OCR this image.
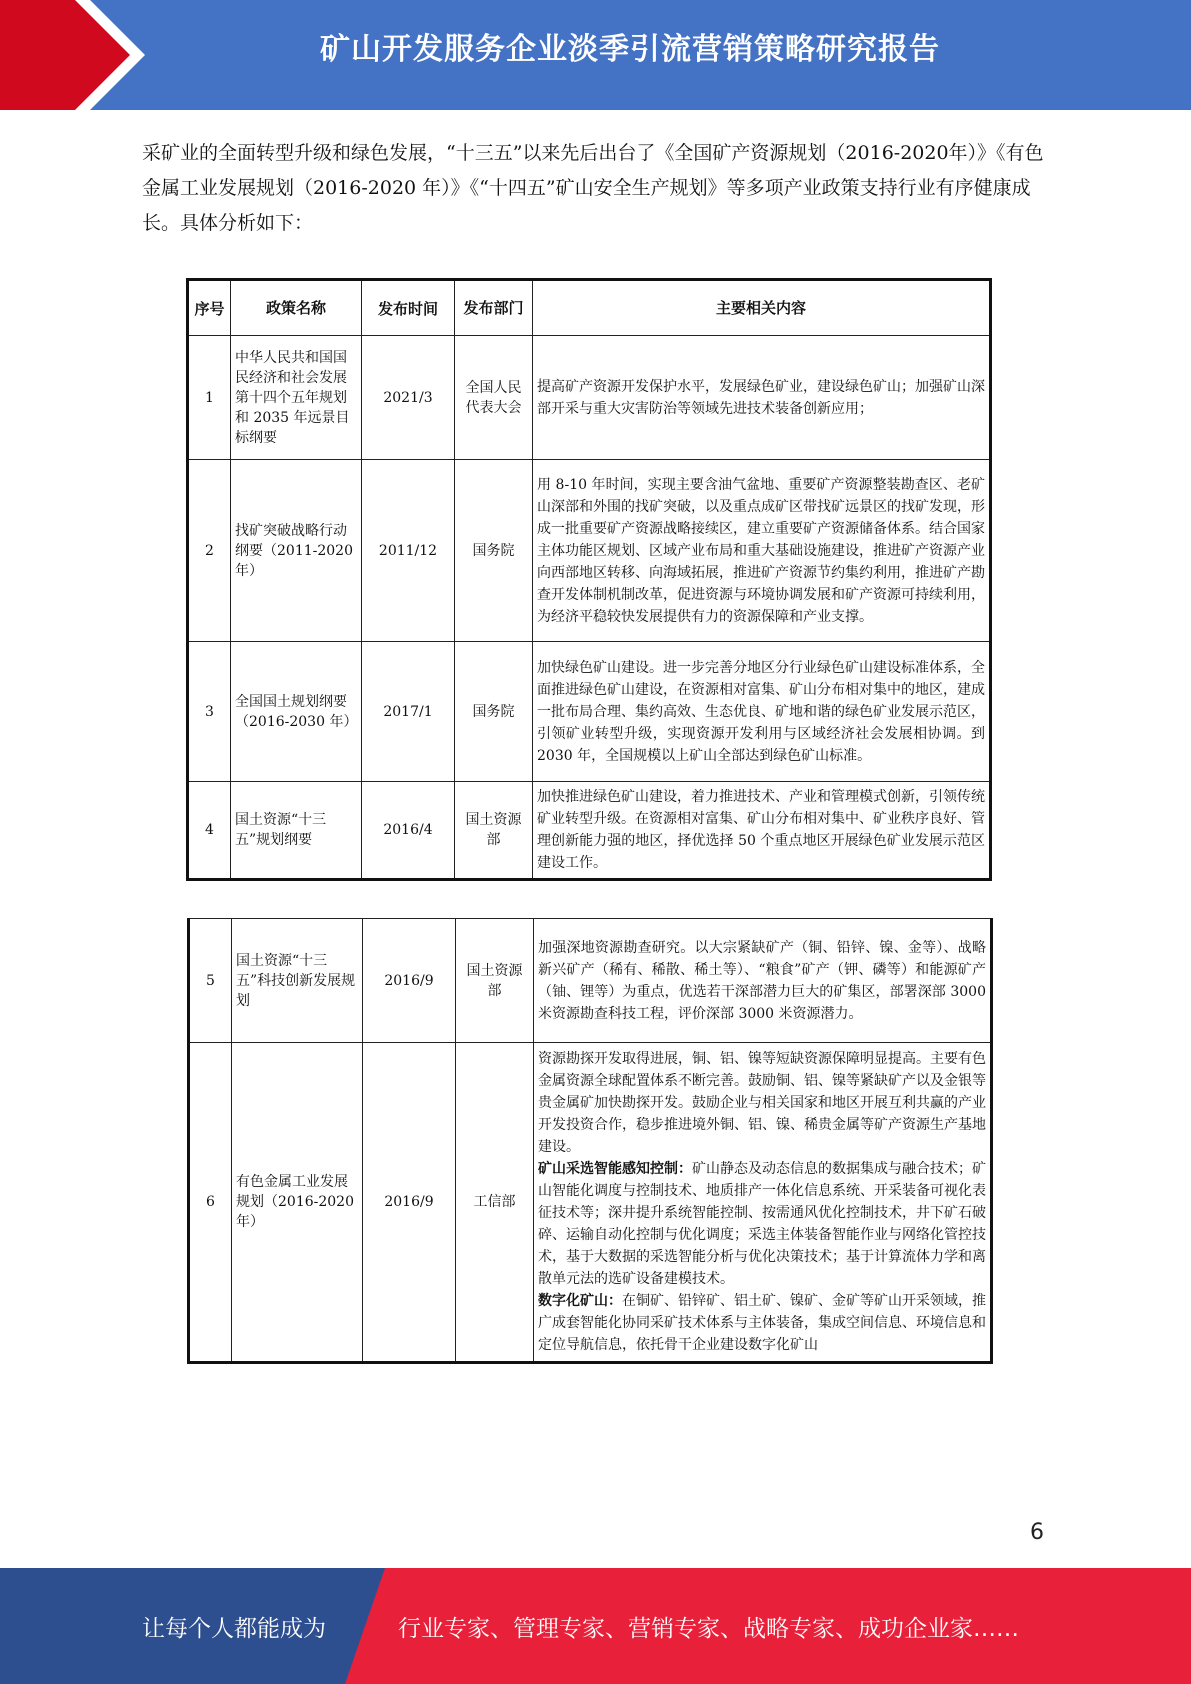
矿山开发服务企业淡季引流营销策略研究报告

采矿业的全面转型升级和绿色发展，“十三五”以来先后出台了《全国矿产资源规划（2016-2020年）》《有色金属工业发展规划（2016-2020 年）》《“十四五”矿山安全生产规划》等多项产业政策支持行业有序健康成长。具体分析如下：

序号	政策名称	发布时间	发布部门	主要相关内容
1	中华人民共和国国民经济和社会发展第十四个五年规划和 2035 年远景目标纲要	2021/3	全国人民代表大会	提高矿产资源开发保护水平，发展绿色矿业，建设绿色矿山；加强矿山深部开采与重大灾害防治等领域先进技术装备创新应用；
2	找矿突破战略行动纲要（2011-2020 年）	2011/12	国务院	用 8-10 年时间，实现主要含油气盆地、重要矿产资源整装勘查区、老矿山深部和外围的找矿突破，以及重点成矿区带找矿远景区的找矿发现，形成一批重要矿产资源战略接续区，建立重要矿产资源储备体系。结合国家主体功能区规划、区域产业布局和重大基础设施建设，推进矿产资源产业向西部地区转移、向海域拓展，推进矿产资源节约集约利用，推进矿产勘查开发体制机制改革，促进资源与环境协调发展和矿产资源可持续利用，为经济平稳较快发展提供有力的资源保障和产业支撑。
3	全国国土规划纲要（2016-2030 年）	2017/1	国务院	加快绿色矿山建设。进一步完善分地区分行业绿色矿山建设标准体系，全面推进绿色矿山建设，在资源相对富集、矿山分布相对集中的地区，建成一批布局合理、集约高效、生态优良、矿地和谐的绿色矿业发展示范区，引领矿业转型升级，实现资源开发利用与区域经济社会发展相协调。到 2030 年，全国规模以上矿山全部达到绿色矿山标准。
4	国土资源“十三五”规划纲要	2016/4	国土资源部	加快推进绿色矿山建设，着力推进技术、产业和管理模式创新，引领传统矿业转型升级。在资源相对富集、矿山分布相对集中、矿业秩序良好、管理创新能力强的地区，择优选择 50 个重点地区开展绿色矿业发展示范区建设工作。
5	国土资源“十三五”科技创新发展规划	2016/9	国土资源部	加强深地资源勘查研究。以大宗紧缺矿产（铜、铅锌、镍、金等）、战略新兴矿产（稀有、稀散、稀土等）、“粮食”矿产（钾、磷等）和能源矿产（铀、锂等）为重点，优选若干深部潜力巨大的矿集区，部署深部 3000 米资源勘查科技工程，评价深部 3000 米资源潜力。
6	有色金属工业发展规划（2016-2020 年）	2016/9	工信部	资源勘探开发取得进展，铜、铝、镍等短缺资源保障明显提高。主要有色金属资源全球配置体系不断完善。鼓励铜、铝、镍等紧缺矿产以及金银等贵金属矿加快勘探开发。鼓励企业与相关国家和地区开展互利共赢的产业开发投资合作，稳步推进境外铜、铝、镍、稀贵金属等矿产资源生产基地建设。
矿山采选智能感知控制：矿山静态及动态信息的数据集成与融合技术；矿山智能化调度与控制技术、地质排产一体化信息系统、开采装备可视化表征技术等；深井提升系统智能控制、按需通风优化控制技术，井下矿石破碎、运输自动化控制与优化调度；采选主体装备智能作业与网络化管控技术，基于大数据的采选智能分析与优化决策技术；基于计算流体力学和离散单元法的选矿设备建模技术。
数字化矿山：在铜矿、铅锌矿、铝土矿、镍矿、金矿等矿山开采领域，推广成套智能化协同采矿技术体系与主体装备，集成空间信息、环境信息和定位导航信息，依托骨干企业建设数字化矿山
6
让每个人都能成为	行业专家、管理专家、营销专家、战略专家、成功企业家……
